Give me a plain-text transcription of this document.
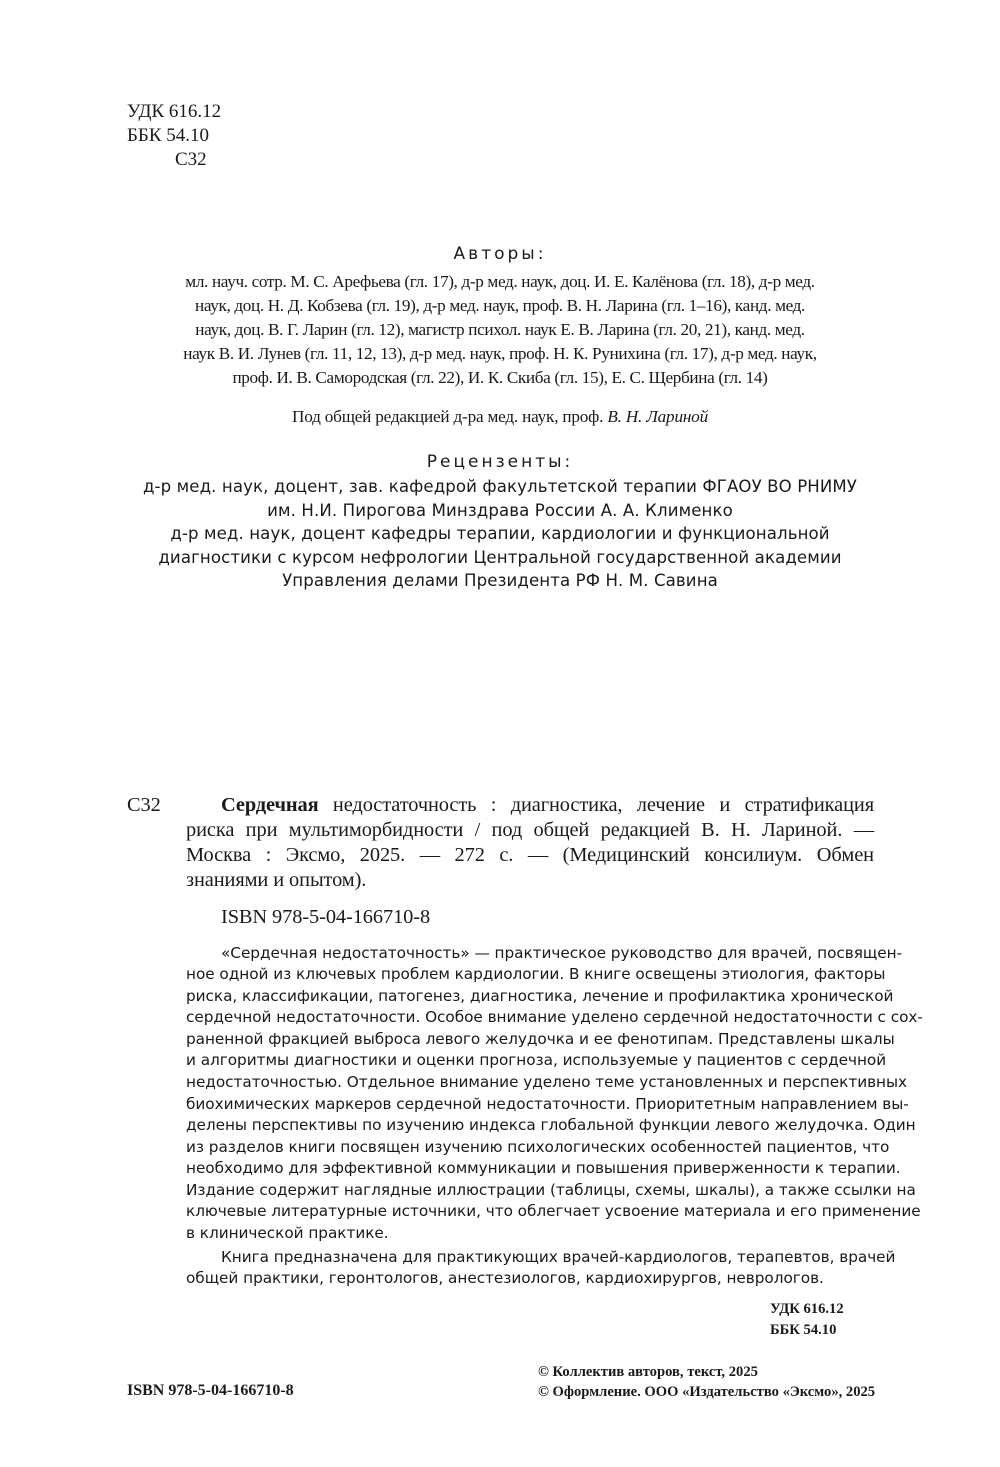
УДК 616.12
ББК 54.10
С32
Авторы:
мл. науч. сотр. М. С. Арефьева (гл. 17), д-р мед. наук, доц. И. Е. Калёнова (гл. 18), д-р мед.
наук, доц. Н. Д. Кобзева (гл. 19), д-р мед. наук, проф. В. Н. Ларина (гл. 1–16), канд. мед.
наук, доц. В. Г. Ларин (гл. 12), магистр психол. наук Е. В. Ларина (гл. 20, 21), канд. мед.
наук В. И. Лунев (гл. 11, 12, 13), д-р мед. наук, проф. Н. К. Рунихина (гл. 17), д-р мед. наук,
проф. И. В. Самородская (гл. 22), И. К. Скиба (гл. 15), Е. С. Щербина (гл. 14)
Под общей редакцией д-ра мед. наук, проф. В. Н. Лариной
Рецензенты:
д-р мед. наук, доцент, зав. кафедрой факультетской терапии ФГАОУ ВО РНИМУ
им. Н.И. Пирогова Минздрава России А. А. Клименко
д-р мед. наук, доцент кафедры терапии, кардиологии и функциональной
диагностики с курсом нефрологии Центральной государственной академии
Управления делами Президента РФ Н. М. Савина
С32	Сердечная недостаточность : диагностика, лечение и стратификация
риска при мультиморбидности / под общей редакцией В. Н. Лариной. —
Москва : Эксмо, 2025. — 272 с. — (Медицинский консилиум. Обмен
знаниями и опытом).
ISBN 978-5-04-166710-8
«Сердечная недостаточность» — практическое руководство для врачей, посвящен-
ное одной из ключевых проблем кардиологии. В книге освещены этиология, факторы
риска, классификации, патогенез, диагностика, лечение и профилактика хронической
сердечной недостаточности. Особое внимание уделено сердечной недостаточности с сох-
раненной фракцией выброса левого желудочка и ее фенотипам. Представлены шкалы
и алгоритмы диагностики и оценки прогноза, используемые у пациентов с сердечной
недостаточностью. Отдельное внимание уделено теме установленных и перспективных
биохимических маркеров сердечной недостаточности. Приоритетным направлением вы-
делены перспективы по изучению индекса глобальной функции левого желудочка. Один
из разделов книги посвящен изучению психологических особенностей пациентов, что
необходимо для эффективной коммуникации и повышения приверженности к терапии.
Издание содержит наглядные иллюстрации (таблицы, схемы, шкалы), а также ссылки на
ключевые литературные источники, что облегчает усвоение материала и его применение
в клинической практике.
Книга предназначена для практикующих врачей-кардиологов, терапевтов, врачей
общей практики, геронтологов, анестезиологов, кардиохирургов, неврологов.
УДК 616.12
ББК 54.10
© Коллектив авторов, текст, 2025
ISBN 978-5-04-166710-8	© Оформление. ООО «Издательство «Эксмо», 2025
